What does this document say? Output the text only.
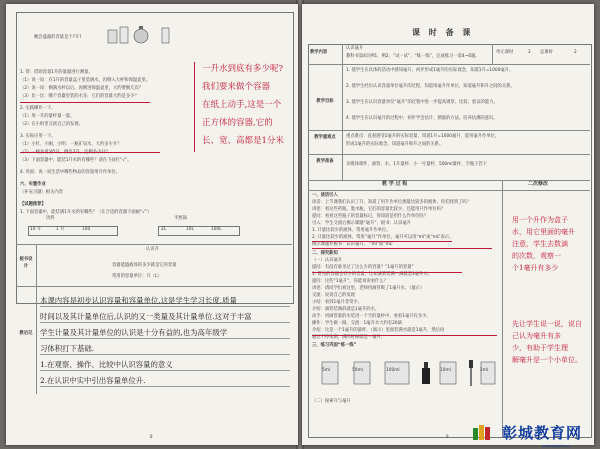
晚会盛器的容量是个?升?
1. 常：借助容量1升的量器进行测量。
（1）说一说：在1升的容量盒子里装满水，再倒入大杯和保温壶里。
（2）说一说：倒满水杯以后，再倒进保温壶里，大约要倒几次？
（3）比一比：哪个容器里装的水多，它们的容量大约是多少？
2. 实践操作一下。
（1）用一升的量杯量一量。
（2）在小组里交流自己的发现。
3. 实际应用一下。
（1）小红、小刚、小明：一瓶矿泉水，大约多少升？
（2）一桶食用油5升，倒出2升，还剩多少升？
（3）下面容器中，能装1升水的有哪些？请在下面打“√”。
4. 巩固：说一说生活中哪些物品的容量用升作单位。
六、布置作业
（补充习题）相关内容
【试题推荐】
1. 下面容器中，能装满1升水的有哪些？（在合适的容器下面画“√”）
一升水到底有多少呢?
我们要来做个容器
在纸上动手,这是一个
正方体的容器,它的
长、宽、高都是1分米
饮料	平底锅
10 升	1 升	100	2L	10L	100L
板书设计
认识升
容器能盛液体的多少就是它的容量
常用的容量单位：升（L）
教后记
本课内容是初步认识容量和容量单位,这是学生学习长度,质量
时间以及其计量单位后,认识的又一类量及其计量单位.这对于丰富
学生计量及其计量单位的认识是十分有益的,也为高年级学
习体积打下基础.
1.在观察、操作、比较中认识容量的意义
2.在认识中实中引出容量单位升.
8
课 时 备 课
教学内容
认识毫升
教科书第4页例1、例2，“试一试”、“练一练”，完成练习一第4~6题。
单元课时	2 总课时	2
教学目标
1. 使学生在具体的活动中感知毫升，初步形成1毫升的实际观念，知道1升=1000毫升。
2. 使学生经历认识容量单位毫升的过程，知道用毫升作单位，知道毫升和升之间的关系。
3. 使学生在认识容量单位“毫升”的过程中进一步提高观察、比较、验证的能力。
4. 使学生在认识毫升的过程中，初步学会估计、测量的方法，培养估测的意识。
教学重难点	重点难点：直观感受1毫升的实际容量，知道1升=1000毫升，能用毫升作单位，
形成1毫升的实际观念，知道毫升和升之间的关系。
教学准备
多媒体课件、滴管、水、1升量杯、小一号量杯、500ml量杯、空瓶子若干
教 学 过 程	二次修改
一、谈话引入
谈话：上节课我们认识了升，知道了用升作单位测量比较多的液体，你们找到了吗？
讲述：看这些药瓶、墨水瓶，它们的容量比较少，还能用升作单位吗？
提问：看看这些瓶子的容量标记，你知道是用什么作单位吗？
引入：学生交流后揭示课题“毫升”，板书：认识毫升
1. 计量比较少的液体，常用毫升作单位。
2. 计量比较少的液体，常用“毫升”作单位，毫升可以用“ml”或“mL”表示。
揭示课题并板书：认识毫升。 “ml”或“mL”
二、探究新知
（一）认识毫升
提问：有没有谁见过了这么少的容量？“1毫升的容量”
1. 常见的容器也有少的容量，比如滴管装满一滴就是1毫升水。
提问：这些“1毫升”，你能说说看什么？
讲述：请同学们看这里，老师用滴管吸了1毫升水，（演示）
交流：说说自己的发现
小结：看到1毫升非常少。
介绍：滴管装满的就是1毫升的水。
动手：用滴管量的水装进一个空的量杯中，看看1毫升有多少。
操作：学生做一做，交流：1毫升水大约有20滴
介绍：这是一个1毫升的量杯，（演示）里面装满水就是1毫升，然后再
通过不停地倒，满的时候就是一毫升。
三、练习巩固“练一练”
（二）探索升与毫升
5ml	50ml	100ml	10ml	2ml
用一个升作为盒子
水，用它里面的毫升
注意，学生去数滴
的次数，观察一
个1毫升有多少
先让学生说一说，说自
己认为毫升有多
少，有助于学生理
解毫升是一个小单位。
9	彰城教育网
www.zcjyedu.cn
